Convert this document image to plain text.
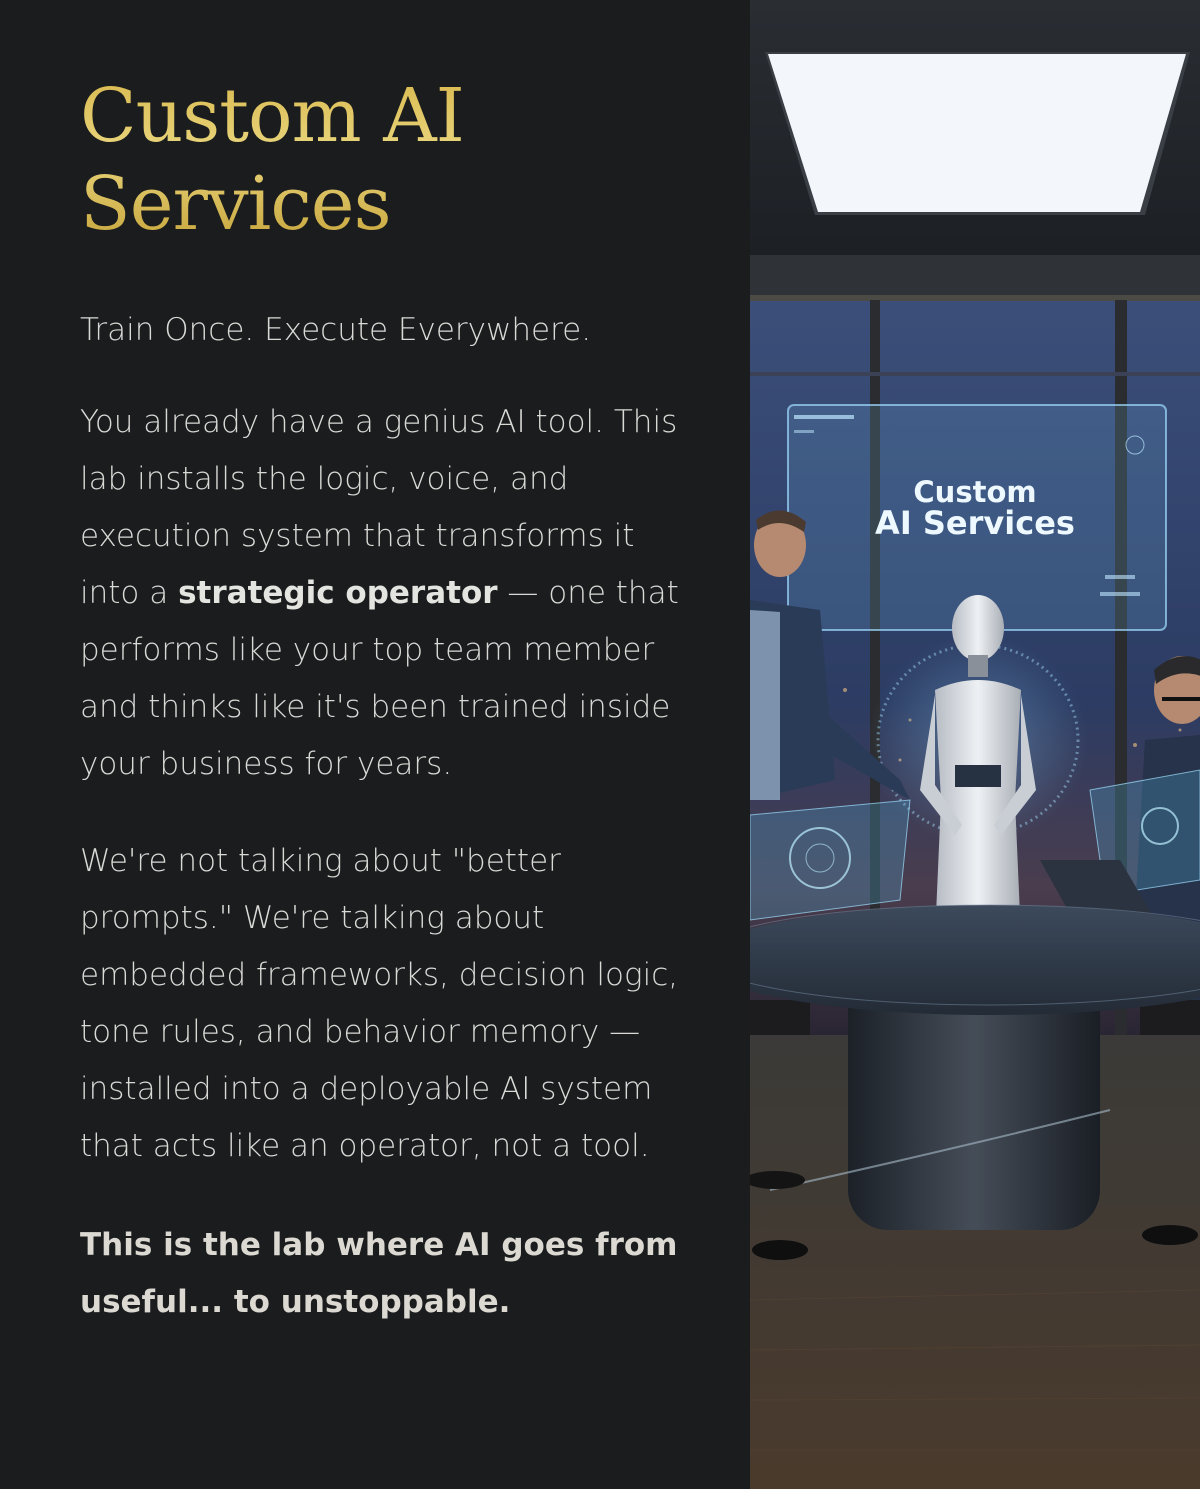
Custom AI Services

Train Once. Execute Everywhere.

You already have a genius AI tool. This lab installs the logic, voice, and execution system that transforms it into a strategic operator — one that performs like your top team member and thinks like it's been trained inside your business for years.

We're not talking about "better prompts." We're talking about embedded frameworks, decision logic, tone rules, and behavior memory — installed into a deployable AI system that acts like an operator, not a tool.

This is the lab where AI goes from useful... to unstoppable.

Custom
AI Services
